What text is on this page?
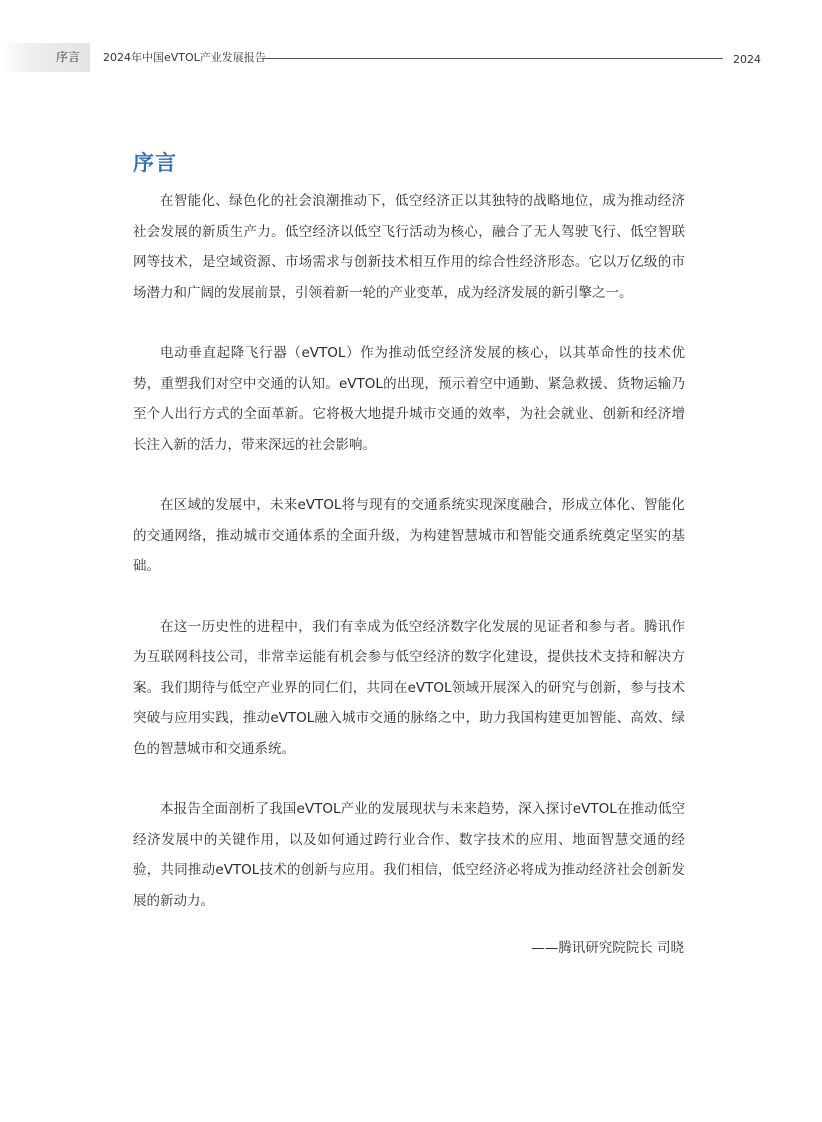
序言 2024年中国eVTOL产业发展报告	2024
序言

在智能化、绿色化的社会浪潮推动下，低空经济正以其独特的战略地位，成为推动经济社会发展的新质生产力。低空经济以低空飞行活动为核心，融合了无人驾驶飞行、低空智联网等技术，是空域资源、市场需求与创新技术相互作用的综合性经济形态。它以万亿级的市场潜力和广阔的发展前景，引领着新一轮的产业变革，成为经济发展的新引擎之一。

电动垂直起降飞行器（eVTOL）作为推动低空经济发展的核心，以其革命性的技术优势，重塑我们对空中交通的认知。eVTOL的出现，预示着空中通勤、紧急救援、货物运输乃至个人出行方式的全面革新。它将极大地提升城市交通的效率，为社会就业、创新和经济增长注入新的活力，带来深远的社会影响。

在区域的发展中，未来eVTOL将与现有的交通系统实现深度融合，形成立体化、智能化的交通网络，推动城市交通体系的全面升级，为构建智慧城市和智能交通系统奠定坚实的基础。

在这一历史性的进程中，我们有幸成为低空经济数字化发展的见证者和参与者。腾讯作为互联网科技公司，非常幸运能有机会参与低空经济的数字化建设，提供技术支持和解决方案。我们期待与低空产业界的同仁们，共同在eVTOL领域开展深入的研究与创新，参与技术突破与应用实践，推动eVTOL融入城市交通的脉络之中，助力我国构建更加智能、高效、绿色的智慧城市和交通系统。

本报告全面剖析了我国eVTOL产业的发展现状与未来趋势，深入探讨eVTOL在推动低空经济发展中的关键作用，以及如何通过跨行业合作、数字技术的应用、地面智慧交通的经验，共同推动eVTOL技术的创新与应用。我们相信，低空经济必将成为推动经济社会创新发展的新动力。

——腾讯研究院院长 司晓
